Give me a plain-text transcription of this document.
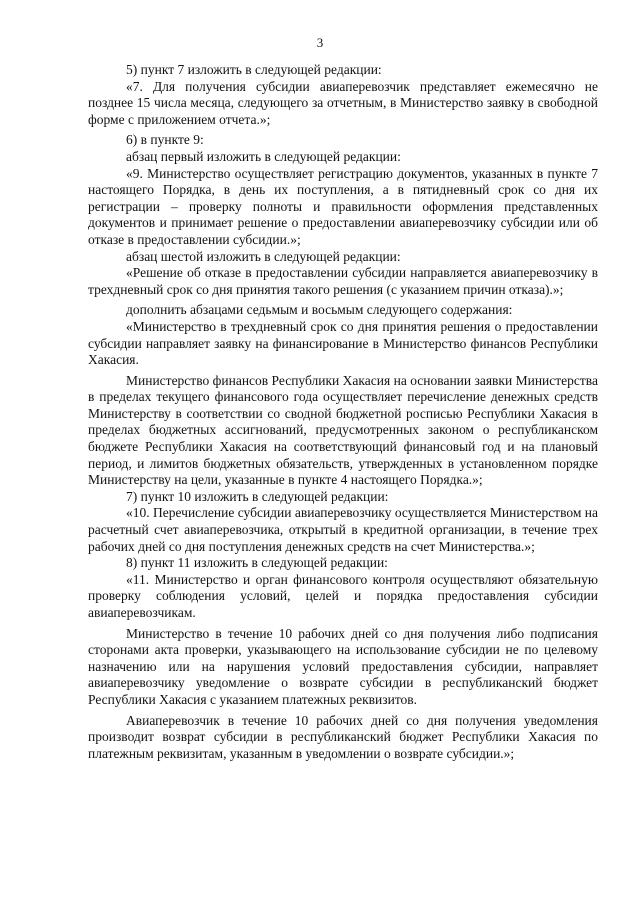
3

5) пункт 7 изложить в следующей редакции:

«7. Для получения субсидии авиаперевозчик представляет ежемесячно не позднее 15 числа месяца, следующего за отчетным, в Министерство заявку в свободной форме с приложением отчета.»;

6) в пункте 9:

абзац первый изложить в следующей редакции:

«9. Министерство осуществляет регистрацию документов, указанных в пункте 7 настоящего Порядка, в день их поступления, а в пятидневный срок со дня их регистрации – проверку полноты и правильности оформления представленных документов и принимает решение о предоставлении авиаперевозчику субсидии или об отказе в предоставлении субсидии.»;

абзац шестой изложить в следующей редакции:

«Решение об отказе в предоставлении субсидии направляется авиаперевозчику в трехдневный срок со дня принятия такого решения (с указанием причин отказа).»;

дополнить абзацами седьмым и восьмым следующего содержания:

«Министерство в трехдневный срок со дня принятия решения о предоставлении субсидии направляет заявку на финансирование в Министерство финансов Республики Хакасия.

Министерство финансов Республики Хакасия на основании заявки Министерства в пределах текущего финансового года осуществляет перечисление денежных средств Министерству в соответствии со сводной бюджетной росписью Республики Хакасия в пределах бюджетных ассигнований, предусмотренных законом о республиканском бюджете Республики Хакасия на соответствующий финансовый год и на плановый период, и лимитов бюджетных обязательств, утвержденных в установленном порядке Министерству на цели, указанные в пункте 4 настоящего Порядка.»;

7) пункт 10 изложить в следующей редакции:

«10. Перечисление субсидии авиаперевозчику осуществляется Министерством на расчетный счет авиаперевозчика, открытый в кредитной организации, в течение трех рабочих дней со дня поступления денежных средств на счет Министерства.»;

8) пункт 11 изложить в следующей редакции:

«11. Министерство и орган финансового контроля осуществляют обязательную проверку соблюдения условий, целей и порядка предоставления субсидии авиаперевозчикам.

Министерство в течение 10 рабочих дней со дня получения либо подписания сторонами акта проверки, указывающего на использование субсидии не по целевому назначению или на нарушения условий предоставления субсидии, направляет авиаперевозчику уведомление о возврате субсидии в республиканский бюджет Республики Хакасия с указанием платежных реквизитов.

Авиаперевозчик в течение 10 рабочих дней со дня получения уведомления производит возврат субсидии в республиканский бюджет Республики Хакасия по платежным реквизитам, указанным в уведомлении о возврате субсидии.»;
